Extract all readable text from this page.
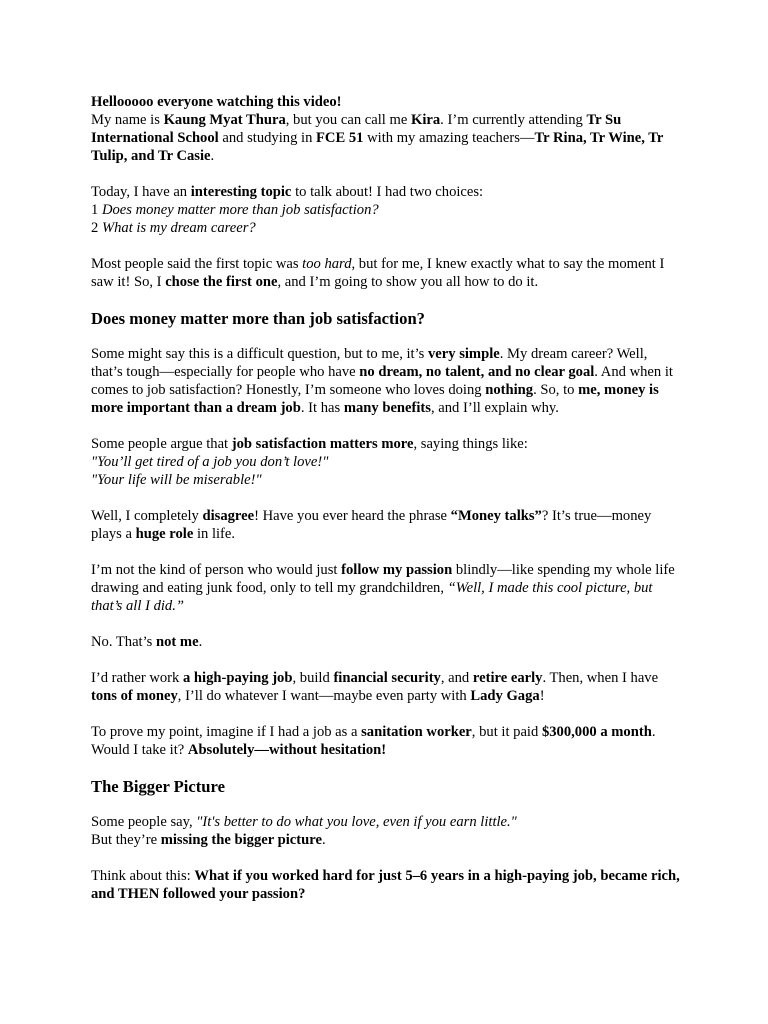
Hellooooo everyone watching this video!
My name is Kaung Myat Thura, but you can call me Kira. I’m currently attending Tr Su International School and studying in FCE 51 with my amazing teachers—Tr Rina, Tr Wine, Tr Tulip, and Tr Casie.

Today, I have an interesting topic to talk about! I had two choices:
1 Does money matter more than job satisfaction?
2 What is my dream career?

Most people said the first topic was too hard, but for me, I knew exactly what to say the moment I saw it! So, I chose the first one, and I’m going to show you all how to do it.

Does money matter more than job satisfaction?

Some might say this is a difficult question, but to me, it’s very simple. My dream career? Well, that’s tough—especially for people who have no dream, no talent, and no clear goal. And when it comes to job satisfaction? Honestly, I’m someone who loves doing nothing. So, to me, money is more important than a dream job. It has many benefits, and I’ll explain why.

Some people argue that job satisfaction matters more, saying things like:
"You’ll get tired of a job you don’t love!"
"Your life will be miserable!"

Well, I completely disagree! Have you ever heard the phrase “Money talks”? It’s true—money plays a huge role in life.

I’m not the kind of person who would just follow my passion blindly—like spending my whole life drawing and eating junk food, only to tell my grandchildren, “Well, I made this cool picture, but that’s all I did.”

No. That’s not me.

I’d rather work a high-paying job, build financial security, and retire early. Then, when I have tons of money, I’ll do whatever I want—maybe even party with Lady Gaga!

To prove my point, imagine if I had a job as a sanitation worker, but it paid $300,000 a month. Would I take it? Absolutely—without hesitation!

The Bigger Picture

Some people say, "It's better to do what you love, even if you earn little."
But they’re missing the bigger picture.

Think about this: What if you worked hard for just 5–6 years in a high-paying job, became rich, and THEN followed your passion?
